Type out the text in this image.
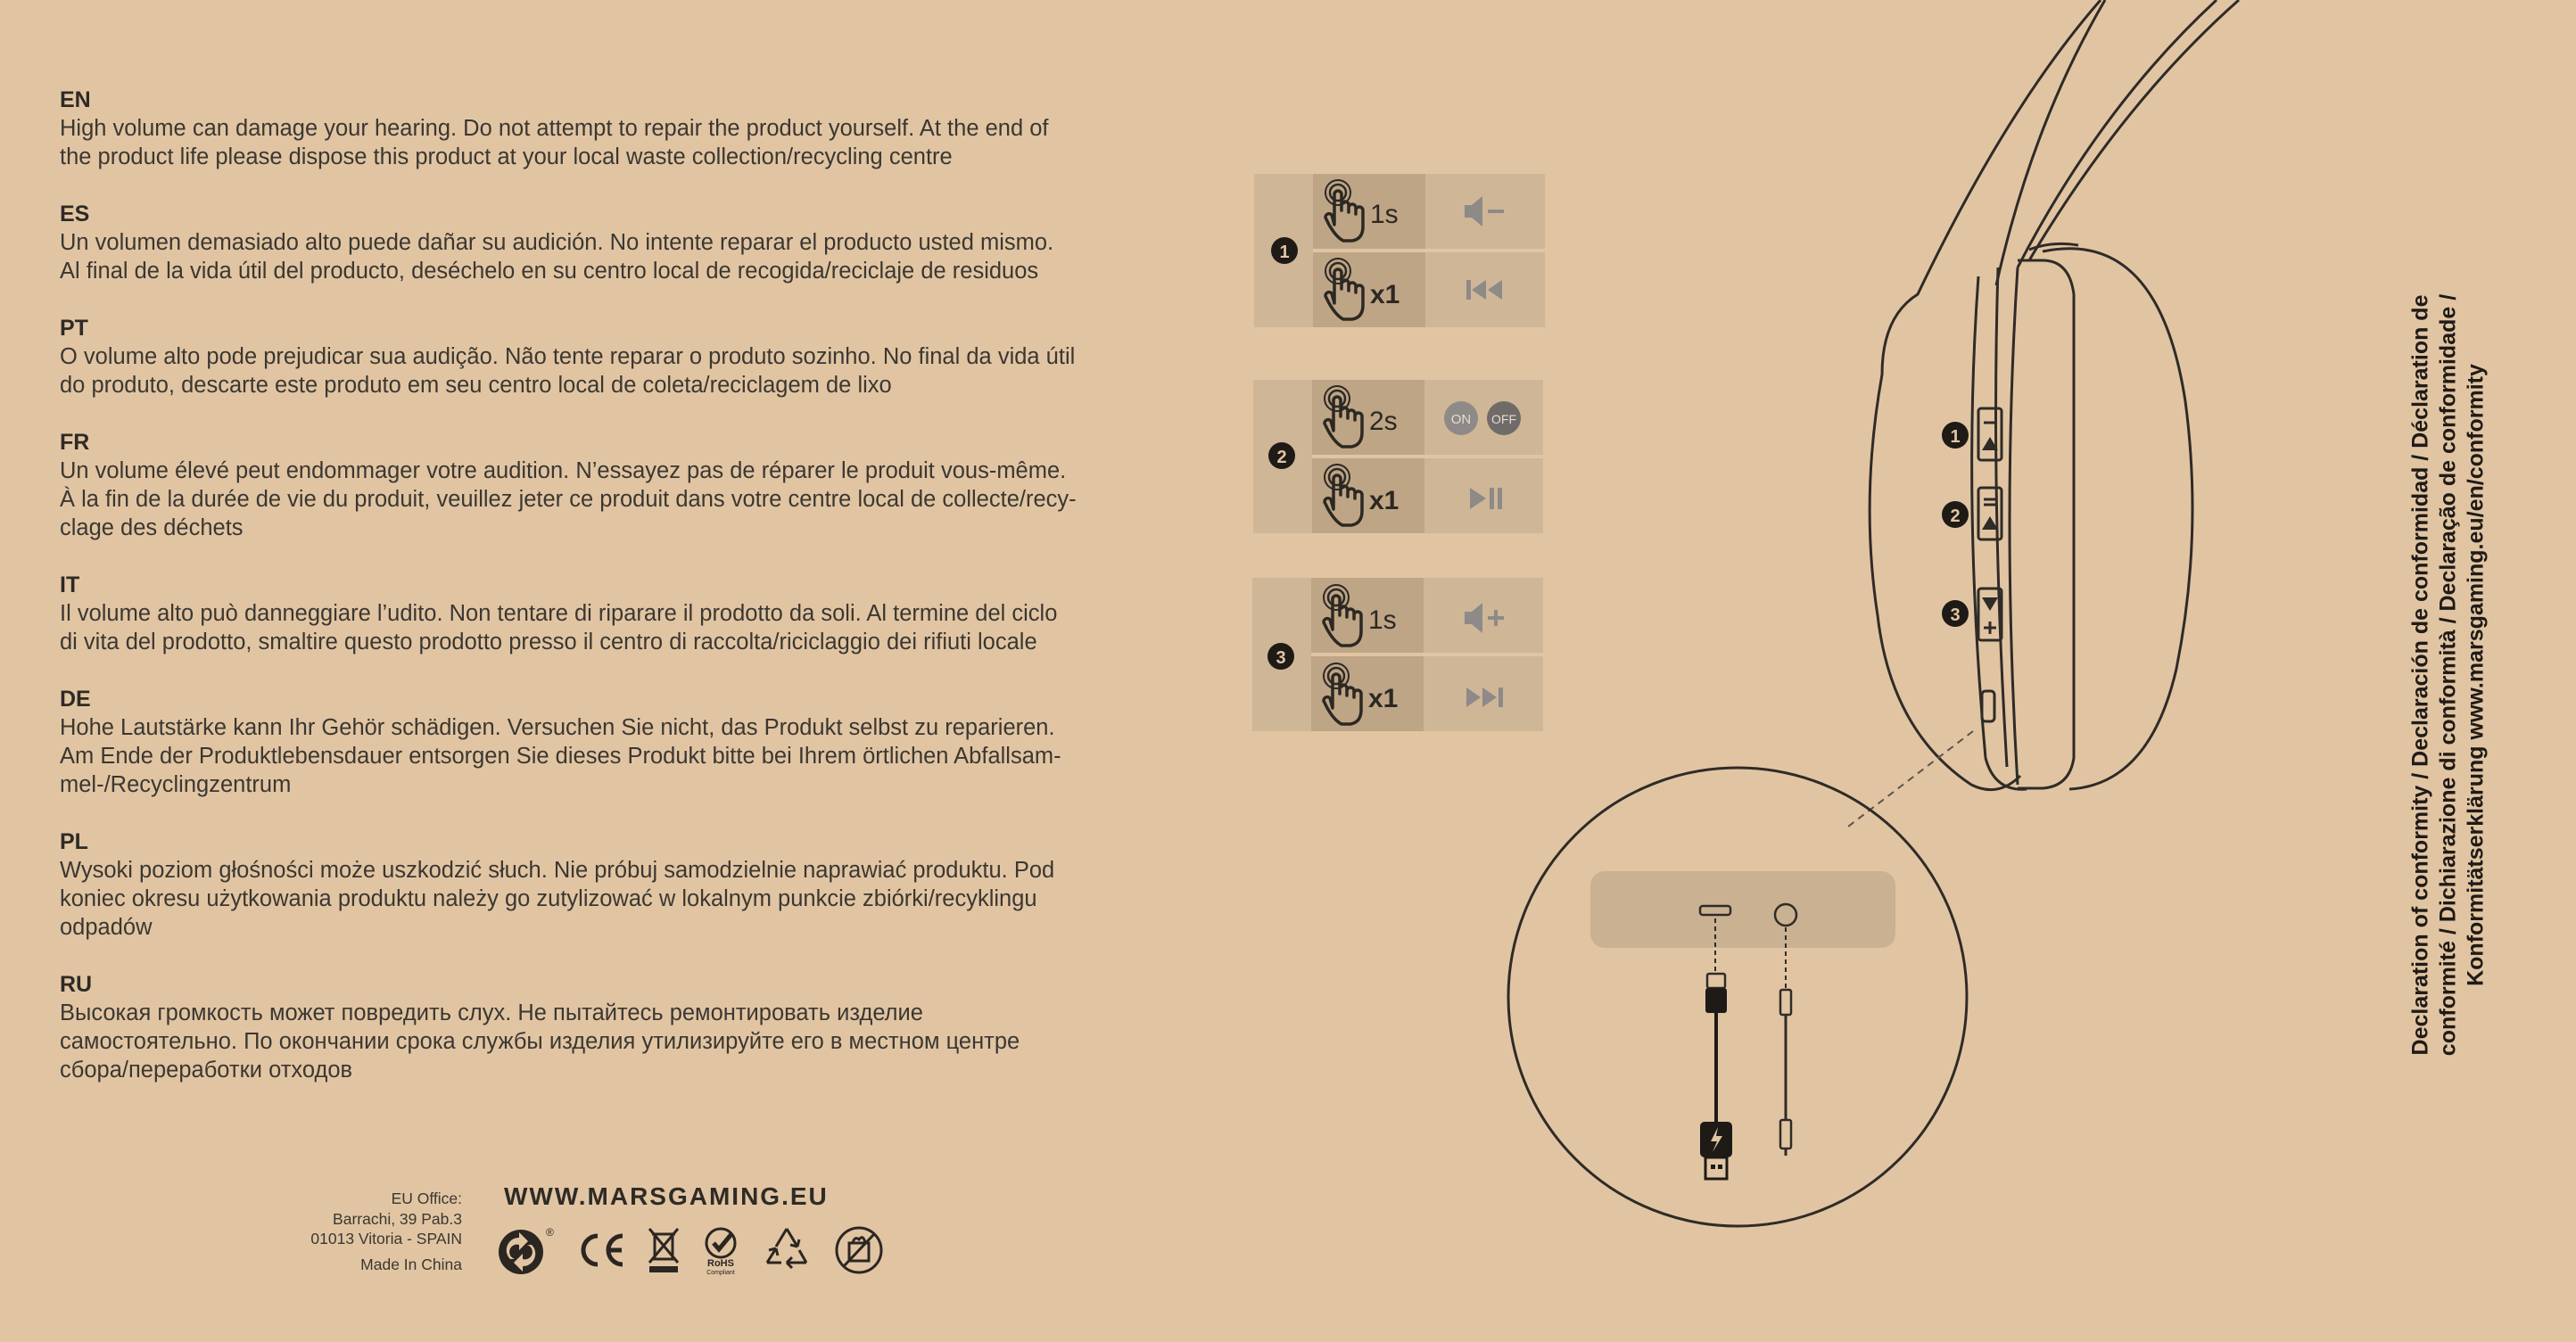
EN
High volume can damage your hearing. Do not attempt to repair the product yourself. At the end of
the product life please dispose this product at your local waste collection/recycling centre
ES
Un volumen demasiado alto puede dañar su audición. No intente reparar el producto usted mismo.
Al final de la vida útil del producto, deséchelo en su centro local de recogida/reciclaje de residuos
PT
O volume alto pode prejudicar sua audição. Não tente reparar o produto sozinho. No final da vida útil
do produto, descarte este produto em seu centro local de coleta/reciclagem de lixo
FR
Un volume élevé peut endommager votre audition. N’essayez pas de réparer le produit vous-même.
À la fin de la durée de vie du produit, veuillez jeter ce produit dans votre centre local de collecte/recy-
clage des déchets
IT
Il volume alto può danneggiare l’udito. Non tentare di riparare il prodotto da soli. Al termine del ciclo
di vita del prodotto, smaltire questo prodotto presso il centro di raccolta/riciclaggio dei rifiuti locale
DE
Hohe Lautstärke kann Ihr Gehör schädigen. Versuchen Sie nicht, das Produkt selbst zu reparieren.
Am Ende der Produktlebensdauer entsorgen Sie dieses Produkt bitte bei Ihrem örtlichen Abfallsam-
mel-/Recyclingzentrum
PL
Wysoki poziom głośności może uszkodzić słuch. Nie próbuj samodzielnie naprawiać produktu. Pod
koniec okresu użytkowania produktu należy go zutylizować w lokalnym punkcie zbiórki/recyklingu
odpadów
RU
Высокая громкость может повредить слух. Не пытайтесь ремонтировать изделие
самостоятельно. По окончании срока службы изделия утилизируйте его в местном центре
сбора/переработки отходов
EU Office:
Barrachi, 39 Pab.3
01013 Vitoria - SPAIN
Made In China
WWW.MARSGAMING.EU
®
RoHS
Compliant
1
1s
x1
2
2s
x1
ON OFF
3
1s
x1
1
2
3	Declaration of conformity / Declaración de conformidad / Déclaration de conformité / Dichiarazione di conformità / Declaração de conformidade / Konformitätserklärung www.marsgaming.eu/en/conformity
